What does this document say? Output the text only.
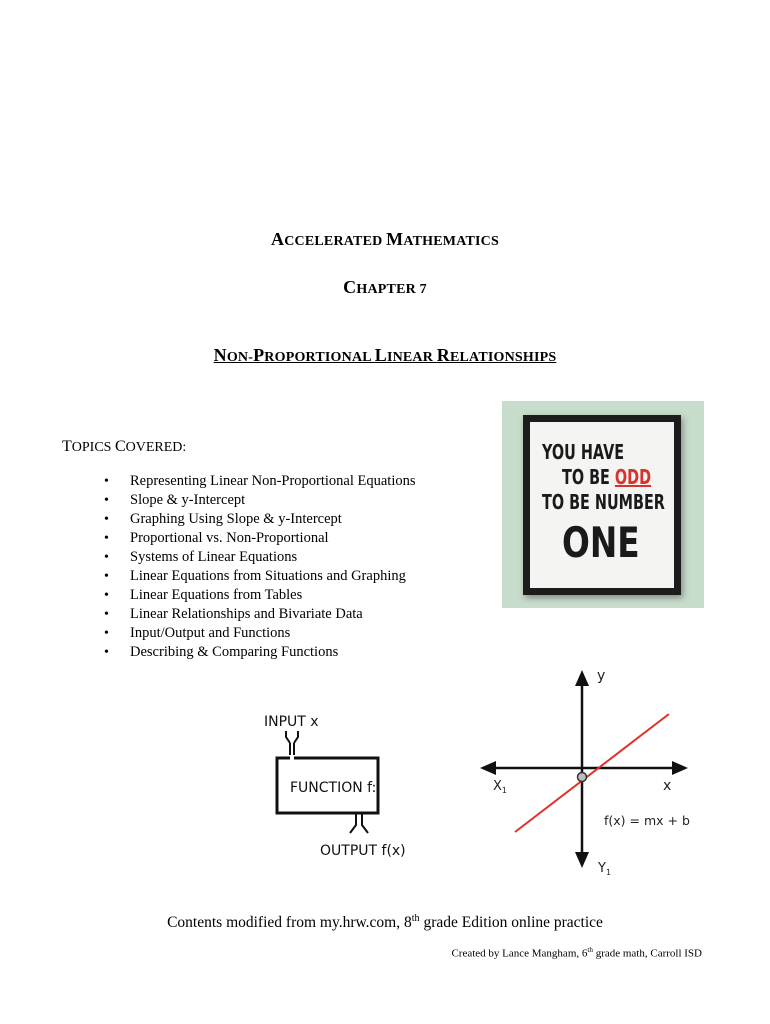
ACCELERATED MATHEMATICS
CHAPTER 7
NON-PROPORTIONAL LINEAR RELATIONSHIPS
TOPICS COVERED:
• Representing Linear Non-Proportional Equations
• Slope & y-Intercept
• Graphing Using Slope & y-Intercept
• Proportional vs. Non-Proportional
• Systems of Linear Equations
• Linear Equations from Situations and Graphing
• Linear Equations from Tables
• Linear Relationships and Bivariate Data
• Input/Output and Functions
• Describing & Comparing Functions
YOU HAVE
TO BE ODD
TO BE NUMBER
ONE
INPUT x
FUNCTION f:
OUTPUT f(x)
y
x
$X_1$
$Y_1$
f(x) = mx + b
Contents modified from my.hrw.com, 8th grade Edition online practice
Created by Lance Mangham, 6th grade math, Carroll ISD
